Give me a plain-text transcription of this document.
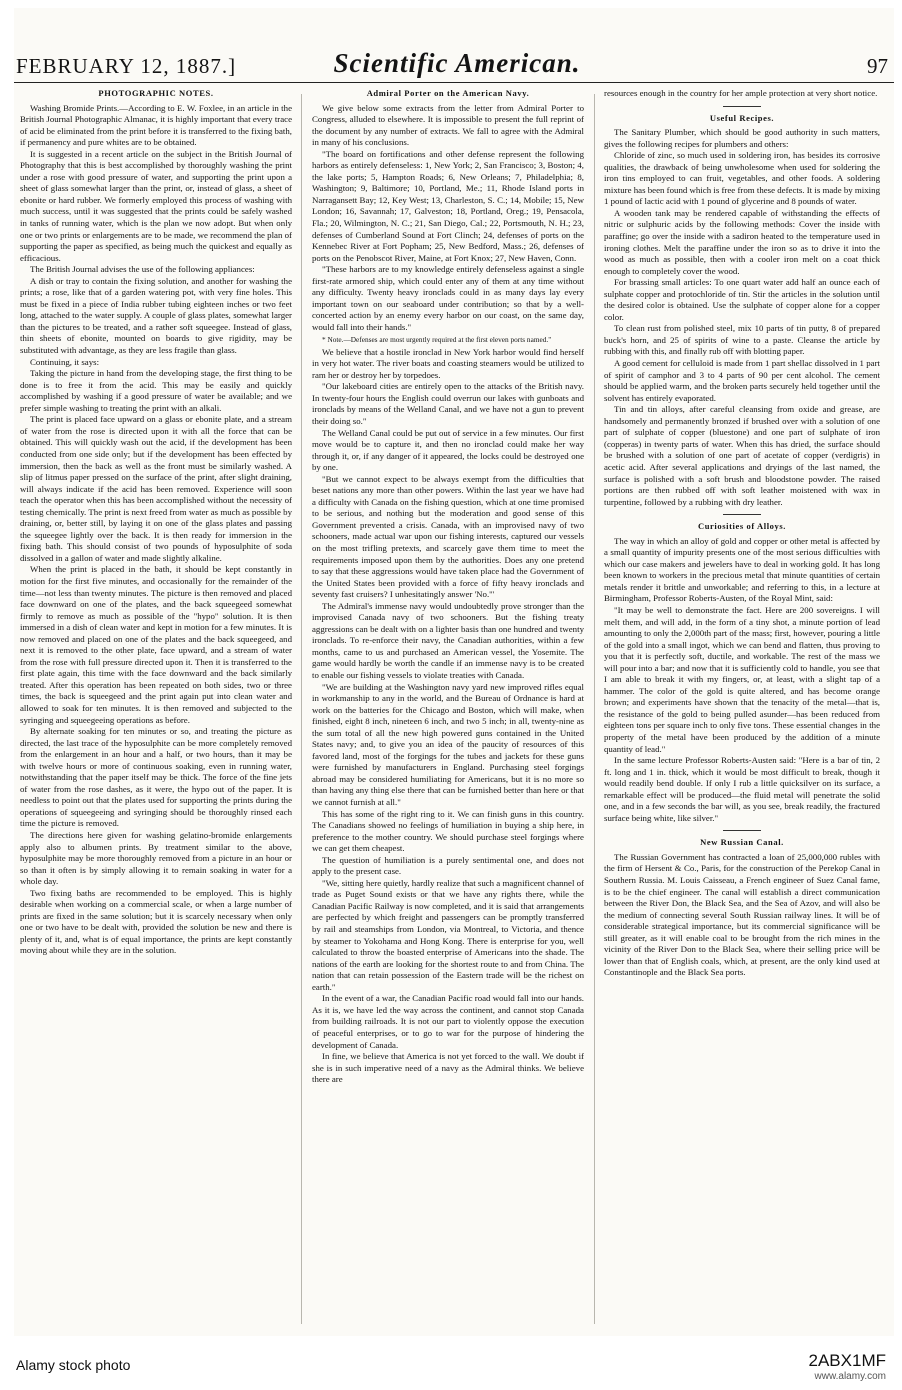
FEBRUARY 12, 1887.]	Scientific American.	97
PHOTOGRAPHIC NOTES.

Washing Bromide Prints.—According to E. W. Foxlee, in an article in the British Journal Photographic Almanac, it is highly important that every trace of acid be eliminated from the print before it is transferred to the fixing bath, if permanency and pure whites are to be obtained.

It is suggested in a recent article on the subject in the British Journal of Photography that this is best accomplished by thoroughly washing the print under a rose with good pressure of water, and supporting the print upon a sheet of glass somewhat larger than the print, or, instead of glass, a sheet of ebonite or hard rubber. We formerly employed this process of washing with much success, until it was suggested that the prints could be safely washed in tanks of running water, which is the plan we now adopt. But when only one or two prints or enlargements are to be made, we recommend the plan of supporting the paper as specified, as being much the quickest and equally as efficacious.

The British Journal advises the use of the following appliances:

A dish or tray to contain the fixing solution, and another for washing the prints; a rose, like that of a garden watering pot, with very fine holes. This must be fixed in a piece of India rubber tubing eighteen inches or two feet long, attached to the water supply. A couple of glass plates, somewhat larger than the pictures to be treated, and a rather soft squeegee. Instead of glass, thin sheets of ebonite, mounted on boards to give rigidity, may be substituted with advantage, as they are less fragile than glass.

Continuing, it says:

Taking the picture in hand from the developing stage, the first thing to be done is to free it from the acid. This may be easily and quickly accomplished by washing if a good pressure of water be available; and we prefer simple washing to treating the print with an alkali.

The print is placed face upward on a glass or ebonite plate, and a stream of water from the rose is directed upon it with all the force that can be obtained. This will quickly wash out the acid, if the development has been conducted from one side only; but if the development has been effected by immersion, then the back as well as the front must be similarly washed. A slip of litmus paper pressed on the surface of the print, after slight draining, will always indicate if the acid has been removed. Experience will soon teach the operator when this has been accomplished without the necessity of testing chemically. The print is next freed from water as much as possible by draining, or, better still, by laying it on one of the glass plates and passing the squeegee lightly over the back. It is then ready for immersion in the fixing bath. This should consist of two pounds of hyposulphite of soda dissolved in a gallon of water and made slightly alkaline.

When the print is placed in the bath, it should be kept constantly in motion for the first five minutes, and occasionally for the remainder of the time—not less than twenty minutes. The picture is then removed and placed face downward on one of the plates, and the back squeegeed somewhat firmly to remove as much as possible of the "hypo" solution. It is then immersed in a dish of clean water and kept in motion for a few minutes. It is now removed and placed on one of the plates and the back squeegeed, and next it is removed to the other plate, face upward, and a stream of water from the rose with full pressure directed upon it. Then it is transferred to the first plate again, this time with the face downward and the back similarly treated. After this operation has been repeated on both sides, two or three times, the back is squeegeed and the print again put into clean water and allowed to soak for ten minutes. It is then removed and subjected to the syringing and squeegeeing operations as before.

By alternate soaking for ten minutes or so, and treating the picture as directed, the last trace of the hyposulphite can be more completely removed from the enlargement in an hour and a half, or two hours, than it may be with twelve hours or more of continuous soaking, even in running water, notwithstanding that the paper itself may be thick. The force of the fine jets of water from the rose dashes, as it were, the hypo out of the paper. It is needless to point out that the plates used for supporting the prints during the operations of squeegeeing and syringing should be thoroughly rinsed each time the picture is removed.

The directions here given for washing gelatino-bromide enlargements apply also to albumen prints. By treatment similar to the above, hyposulphite may be more thoroughly removed from a picture in an hour or so than it often is by simply allowing it to remain soaking in water for a whole day.

Two fixing baths are recommended to be employed. This is highly desirable when working on a commercial scale, or when a large number of prints are fixed in the same solution; but it is scarcely necessary when only one or two have to be dealt with, provided the solution be new and there is plenty of it, and, what is of equal importance, the prints are kept constantly moving about while they are in the solution.

Admiral Porter on the American Navy.

We give below some extracts from the letter from Admiral Porter to Congress, alluded to elsewhere. It is impossible to present the full reprint of the document by any number of extracts. We fall to agree with the Admiral in many of his conclusions.

"The board on fortifications and other defense represent the following harbors as entirely defenseless: 1, New York; 2, San Francisco; 3, Boston; 4, the lake ports; 5, Hampton Roads; 6, New Orleans; 7, Philadelphia; 8, Washington; 9, Baltimore; 10, Portland, Me.; 11, Rhode Island ports in Narragansett Bay; 12, Key West; 13, Charleston, S. C.; 14, Mobile; 15, New London; 16, Savannah; 17, Galveston; 18, Portland, Oreg.; 19, Pensacola, Fla.; 20, Wilmington, N. C.; 21, San Diego, Cal.; 22, Portsmouth, N. H.; 23, defenses of Cumberland Sound at Fort Clinch; 24, defenses of ports on the Kennebec River at Fort Popham; 25, New Bedford, Mass.; 26, defenses of ports on the Penobscot River, Maine, at Fort Knox; 27, New Haven, Conn.

"These harbors are to my knowledge entirely defenseless against a single first-rate armored ship, which could enter any of them at any time without any difficulty. Twenty heavy ironclads could in as many days lay every important town on our seaboard under contribution; so that by a well-concerted action by an enemy every harbor on our coast, on the same day, would fall into their hands."

* Note.—Defenses are most urgently required at the first eleven ports named."

We believe that a hostile ironclad in New York harbor would find herself in very hot water. The river boats and coasting steamers would be utilized to ram her or destroy her by torpedoes.

"Our lakeboard cities are entirely open to the attacks of the British navy. In twenty-four hours the English could overrun our lakes with gunboats and ironclads by means of the Welland Canal, and we have not a gun to prevent their doing so."

The Welland Canal could be put out of service in a few minutes. Our first move would be to capture it, and then no ironclad could make her way through it, or, if any danger of it appeared, the locks could be destroyed one by one.

"But we cannot expect to be always exempt from the difficulties that beset nations any more than other powers. Within the last year we have had a difficulty with Canada on the fishing question, which at one time promised to be serious, and nothing but the moderation and good sense of this Government prevented a crisis. Canada, with an improvised navy of two schooners, made actual war upon our fishing interests, captured our vessels on the most trifling pretexts, and scarcely gave them time to meet the requirements imposed upon them by the authorities. Does any one pretend to say that these aggressions would have taken place had the Government of the United States been provided with a force of fifty heavy ironclads and seventy fast cruisers? I unhesitatingly answer 'No.'"

The Admiral's immense navy would undoubtedly prove stronger than the improvised Canada navy of two schooners. But the fishing treaty aggressions can be dealt with on a lighter basis than one hundred and twenty ironclads. To re-enforce their navy, the Canadian authorities, within a few months, came to us and purchased an American vessel, the Yosemite. The game would hardly be worth the candle if an immense navy is to be created to enable our fishing vessels to violate treaties with Canada.

"We are building at the Washington navy yard new improved rifles equal in workmanship to any in the world, and the Bureau of Ordnance is hard at work on the batteries for the Chicago and Boston, which will make, when finished, eight 8 inch, nineteen 6 inch, and two 5 inch; in all, twenty-nine as the sum total of all the new high powered guns contained in the United States navy; and, to give you an idea of the paucity of resources of this favored land, most of the forgings for the tubes and jackets for these guns were furnished by manufacturers in England. Purchasing steel forgings abroad may be considered humiliating for Americans, but it is no more so than having any thing else there that can be furnished better than here or that we cannot furnish at all."

This has some of the right ring to it. We can finish guns in this country. The Canadians showed no feelings of humiliation in buying a ship here, in preference to the mother country. We should purchase steel forgings where we can get them cheapest.

The question of humiliation is a purely sentimental one, and does not apply to the present case.

"We, sitting here quietly, hardly realize that such a magnificent channel of trade as Puget Sound exists or that we have any rights there, while the Canadian Pacific Railway is now completed, and it is said that arrangements are perfected by which freight and passengers can be promptly transferred by rail and steamships from London, via Montreal, to Victoria, and thence by steamer to Yokohama and Hong Kong. There is enterprise for you, well calculated to throw the boasted enterprise of Americans into the shade. The nations of the earth are looking for the shortest route to and from China. The nation that can retain possession of the Eastern trade will be the richest on earth."

In the event of a war, the Canadian Pacific road would fall into our hands. As it is, we have led the way across the continent, and cannot stop Canada from building railroads. It is not our part to violently oppose the execution of peaceful enterprises, or to go to war for the purpose of hindering the development of Canada.

In fine, we believe that America is not yet forced to the wall. We doubt if she is in such imperative need of a navy as the Admiral thinks. We believe there are

resources enough in the country for her ample protection at very short notice.

Useful Recipes.

The Sanitary Plumber, which should be good authority in such matters, gives the following recipes for plumbers and others:

Chloride of zinc, so much used in soldering iron, has besides its corrosive qualities, the drawback of being unwholesome when used for soldering the iron tins employed to can fruit, vegetables, and other foods. A soldering mixture has been found which is free from these defects. It is made by mixing 1 pound of lactic acid with 1 pound of glycerine and 8 pounds of water.

A wooden tank may be rendered capable of withstanding the effects of nitric or sulphuric acids by the following methods: Cover the inside with paraffine; go over the inside with a sadiron heated to the temperature used in ironing clothes. Melt the paraffine under the iron so as to drive it into the wood as much as possible, then with a cooler iron melt on a coat thick enough to completely cover the wood.

For brassing small articles: To one quart water add half an ounce each of sulphate copper and protochloride of tin. Stir the articles in the solution until the desired color is obtained. Use the sulphate of copper alone for a copper color.

To clean rust from polished steel, mix 10 parts of tin putty, 8 of prepared buck's horn, and 25 of spirits of wine to a paste. Cleanse the article by rubbing with this, and finally rub off with blotting paper.

A good cement for celluloid is made from 1 part shellac dissolved in 1 part of spirit of camphor and 3 to 4 parts of 90 per cent alcohol. The cement should be applied warm, and the broken parts securely held together until the solvent has entirely evaporated.

Tin and tin alloys, after careful cleansing from oxide and grease, are handsomely and permanently bronzed if brushed over with a solution of one part of sulphate of copper (bluestone) and one part of sulphate of iron (copperas) in twenty parts of water. When this has dried, the surface should be brushed with a solution of one part of acetate of copper (verdigris) in acetic acid. After several applications and dryings of the last named, the surface is polished with a soft brush and bloodstone powder. The raised portions are then rubbed off with soft leather moistened with wax in turpentine, followed by a rubbing with dry leather.

Curiosities of Alloys.

The way in which an alloy of gold and copper or other metal is affected by a small quantity of impurity presents one of the most serious difficulties with which our case makers and jewelers have to deal in working gold. It has long been known to workers in the precious metal that minute quantities of certain metals render it brittle and unworkable; and referring to this, in a lecture at Birmingham, Professor Roberts-Austen, of the Royal Mint, said:

"It may be well to demonstrate the fact. Here are 200 sovereigns. I will melt them, and will add, in the form of a tiny shot, a minute portion of lead amounting to only the 2,000th part of the mass; first, however, pouring a little of the gold into a small ingot, which we can bend and flatten, thus proving to you that it is perfectly soft, ductile, and workable. The rest of the mass we will pour into a bar; and now that it is sufficiently cold to handle, you see that I am able to break it with my fingers, or, at least, with a slight tap of a hammer. The color of the gold is quite altered, and has become orange brown; and experiments have shown that the tenacity of the metal—that is, the resistance of the gold to being pulled asunder—has been reduced from eighteen tons per square inch to only five tons. These essential changes in the property of the metal have been produced by the addition of a minute quantity of lead."

In the same lecture Professor Roberts-Austen said: "Here is a bar of tin, 2 ft. long and 1 in. thick, which it would be most difficult to break, though it would readily bend double. If only I rub a little quicksilver on its surface, a remarkable effect will be produced—the fluid metal will penetrate the solid one, and in a few seconds the bar will, as you see, break readily, the fractured surface being white, like silver."

New Russian Canal.

The Russian Government has contracted a loan of 25,000,000 rubles with the firm of Hersent & Co., Paris, for the construction of the Perekop Canal in Southern Russia. M. Louis Caisseau, a French engineer of Suez Canal fame, is to be the chief engineer. The canal will establish a direct communication between the River Don, the Black Sea, and the Sea of Azov, and will also be the medium of connecting several South Russian railway lines. It will be of considerable strategical importance, but its commercial significance will be still greater, as it will enable coal to be brought from the rich mines in the vicinity of the River Don to the Black Sea, where their selling price will be lower than that of English coals, which, at present, are the only kind used at Constantinople and the Black Sea ports.

Alamy stock photo	2ABX1MF
www.alamy.com
